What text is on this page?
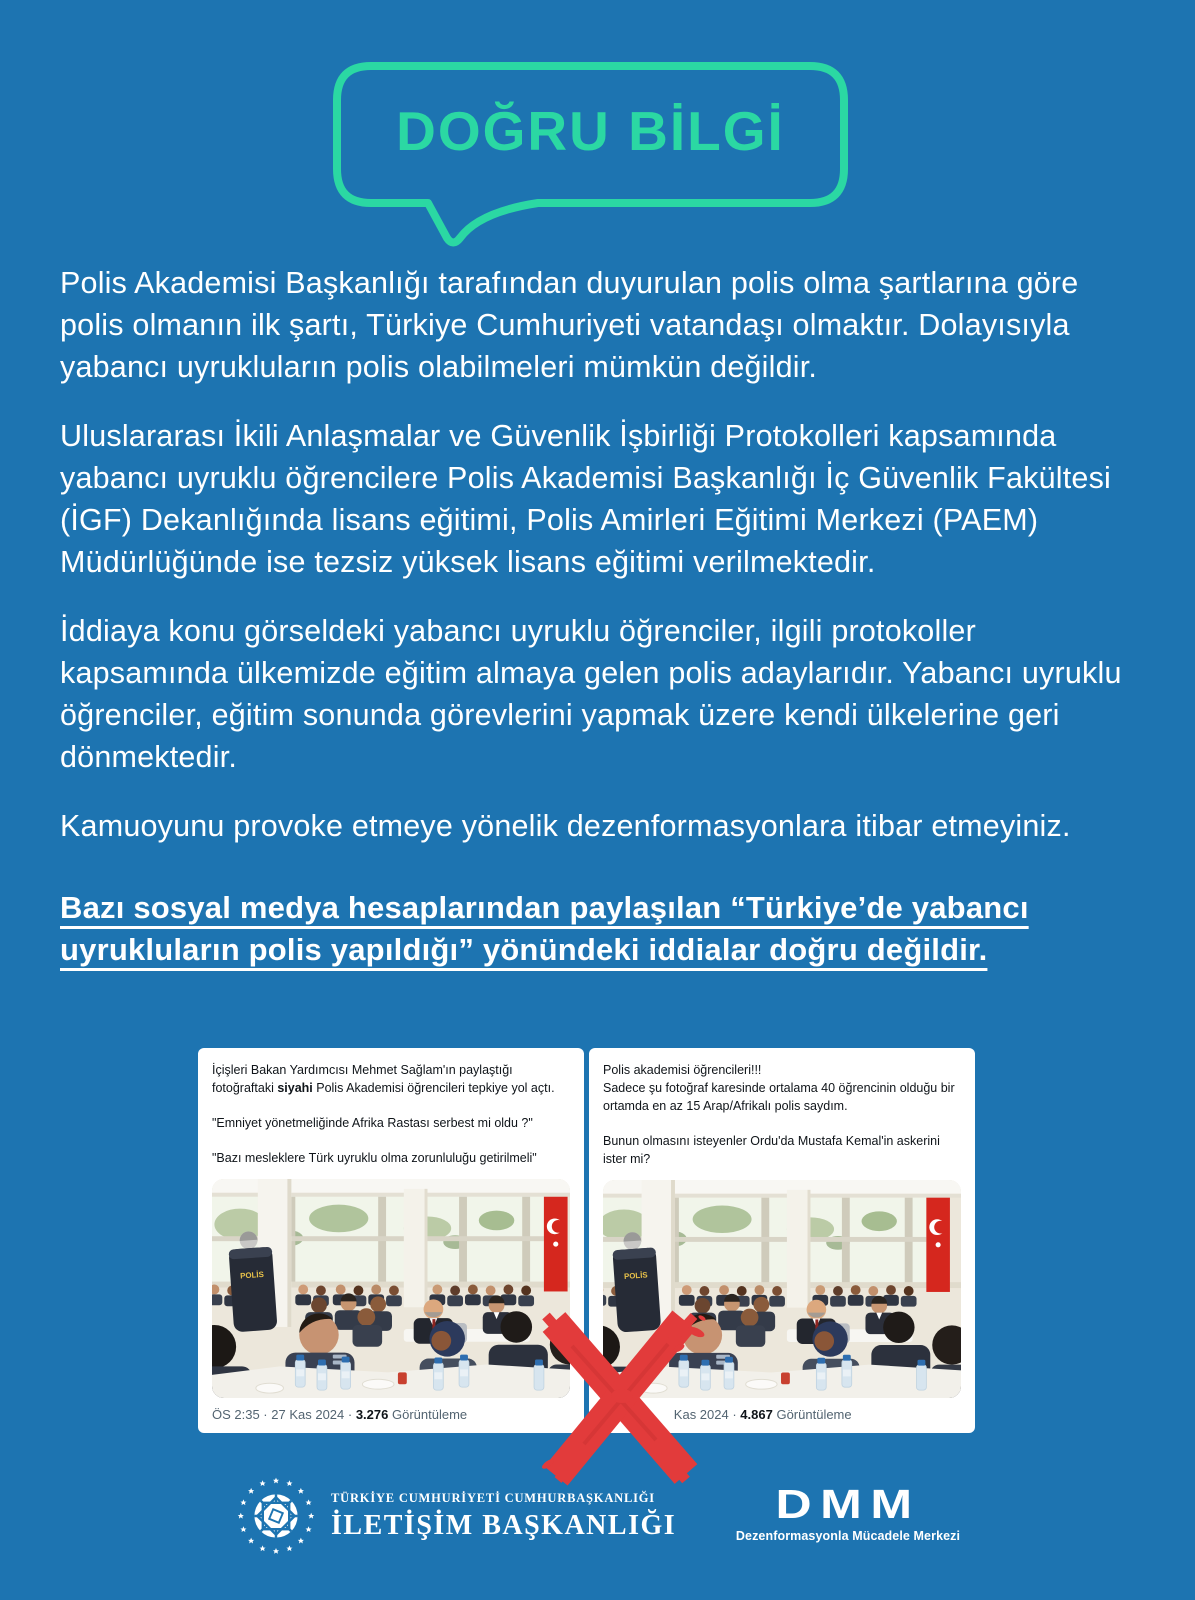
DOĞRU BİLGİ

Polis Akademisi Başkanlığı tarafından duyurulan polis olma şartlarına göre polis olmanın ilk şartı, Türkiye Cumhuriyeti vatandaşı olmaktır. Dolayısıyla yabancı uyrukluların polis olabilmeleri mümkün değildir.

Uluslararası İkili Anlaşmalar ve Güvenlik İşbirliği Protokolleri kapsamında yabancı uyruklu öğrencilere Polis Akademisi Başkanlığı İç Güvenlik Fakültesi (İGF) Dekanlığında lisans eğitimi, Polis Amirleri Eğitimi Merkezi (PAEM) Müdürlüğünde ise tezsiz yüksek lisans eğitimi verilmektedir.

İddiaya konu görseldeki yabancı uyruklu öğrenciler, ilgili protokoller kapsamında ülkemizde eğitim almaya gelen polis adaylarıdır. Yabancı uyruklu öğrenciler, eğitim sonunda görevlerini yapmak üzere kendi ülkelerine geri dönmektedir.

Kamuoyunu provoke etmeye yönelik dezenformasyonlara itibar etmeyiniz.

Bazı sosyal medya hesaplarından paylaşılan “Türkiye’de yabancı uyrukluların polis yapıldığı” yönündeki iddialar doğru değildir.

İçişleri Bakan Yardımcısı Mehmet Sağlam'ın paylaştığı fotoğraftaki siyahi Polis Akademisi öğrencileri tepkiye yol açtı.

"Emniyet yönetmeliğinde Afrika Rastası serbest mi oldu ?"

"Bazı mesleklere Türk uyruklu olma zorunluluğu getirilmeli"

ÖS 2:35 · 27 Kas 2024 · 3.276 Görüntüleme

Polis akademisi öğrencileri!!!

Sadece şu fotoğraf karesinde ortalama 40 öğrencinin olduğu bir ortamda en az 15 Arap/Afrikalı polis saydım.

Bunun olmasını isteyenler Ordu'da Mustafa Kemal'in askerini ister mi?

ÖS	Kas 2024 · 4.867 Görüntüleme
TÜRKİYE CUMHURİYETİ CUMHURBAŞKANLIĞI
İLETİŞİM BAŞKANLIĞI	DMM
Dezenformasyonla Mücadele Merkezi
